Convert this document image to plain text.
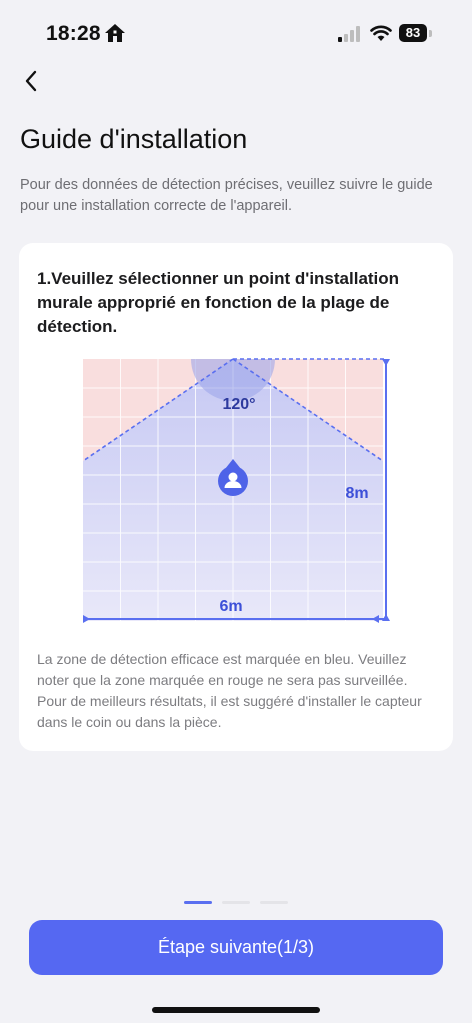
18:28	83
Guide d'installation
Pour des données de détection précises, veuillez suivre le guide pour une installation correcte de l'appareil.
1.Veuillez sélectionner un point d'installation murale approprié en fonction de la plage de détection.
120°
8m
6m
La zone de détection efficace est marquée en bleu. Veuillez noter que la zone marquée en rouge ne sera pas surveillée. Pour de meilleurs résultats, il est suggéré d'installer le capteur dans le coin ou dans la pièce.
Étape suivante(1/3)
